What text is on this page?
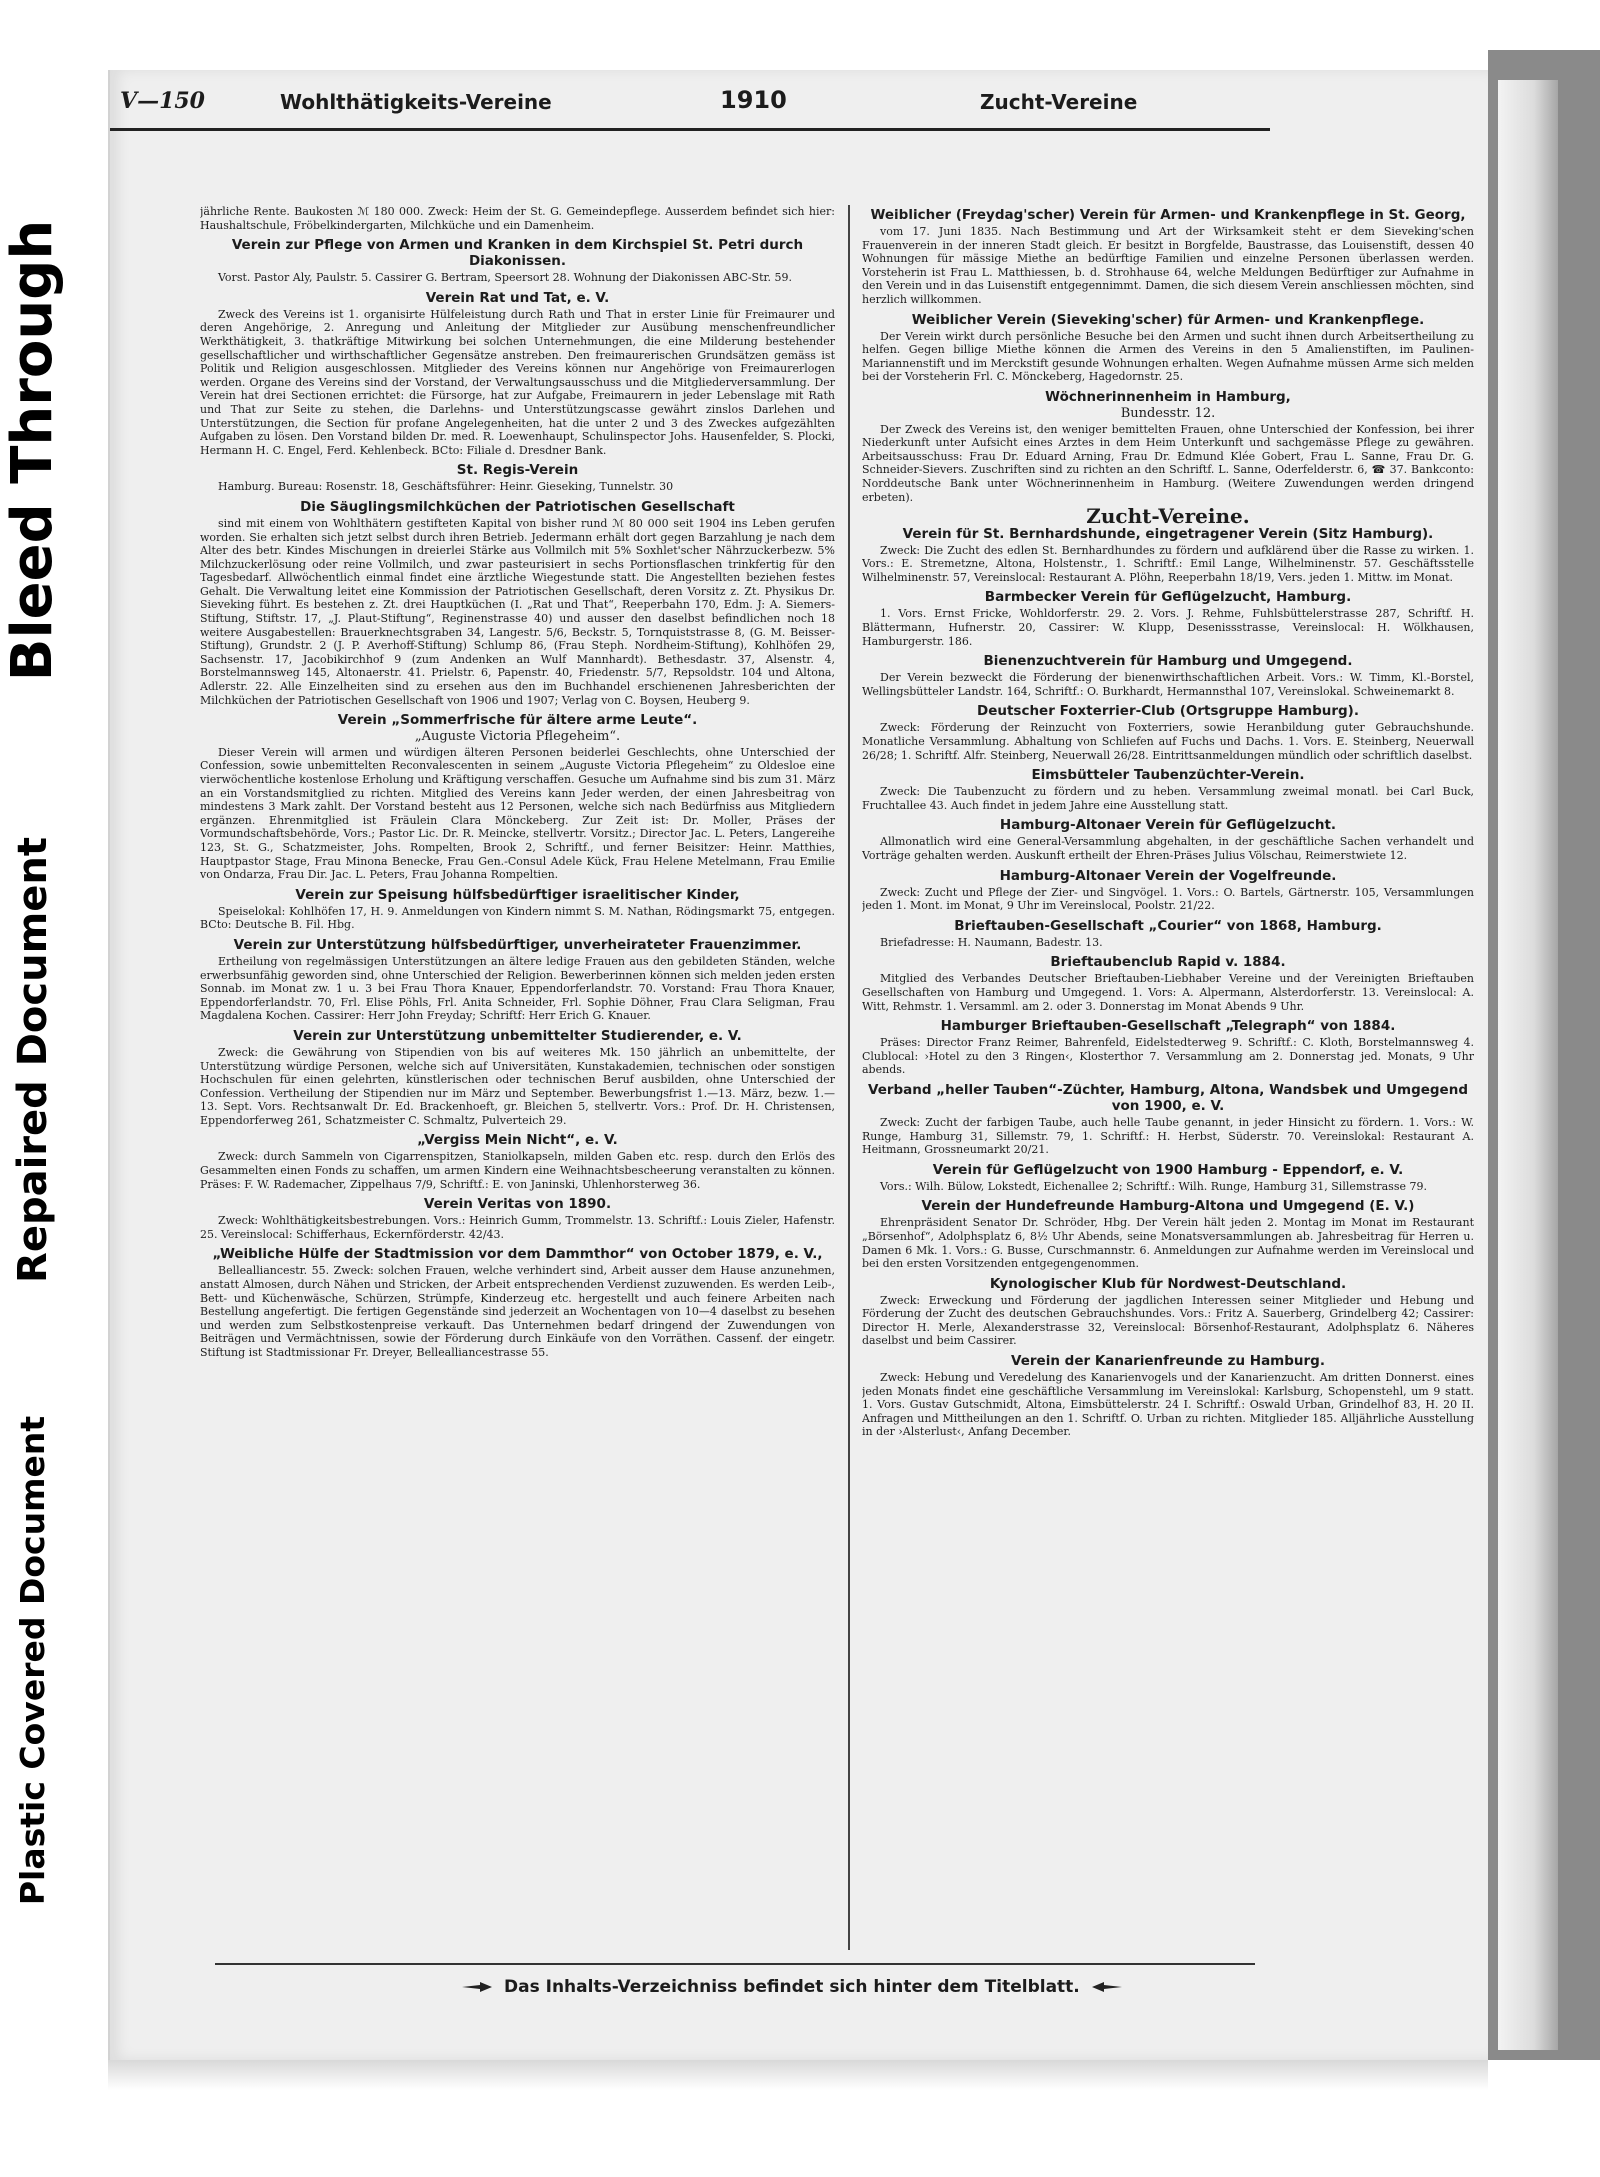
Bleed Through
Repaired Document
Plastic Covered Document
V—150	Wohlthätigkeits-Vereine	1910	Zucht-Vereine

jährliche Rente. Baukosten ℳ 180 000. Zweck: Heim der St. G. Gemeindepflege. Ausserdem befindet sich hier: Haushaltschule, Fröbelkindergarten, Milchküche und ein Damenheim.

Verein zur Pflege von Armen und Kranken in dem Kirchspiel St. Petri durch Diakonissen.

Vorst. Pastor Aly, Paulstr. 5. Cassirer G. Bertram, Speersort 28. Wohnung der Diakonissen ABC-Str. 59.

Verein Rat und Tat, e. V.

Zweck des Vereins ist 1. organisirte Hülfeleistung durch Rath und That in erster Linie für Freimaurer und deren Angehörige, 2. Anregung und Anleitung der Mitglieder zur Ausübung menschenfreundlicher Werkthätigkeit, 3. thatkräftige Mitwirkung bei solchen Unternehmungen, die eine Milderung bestehender gesellschaftlicher und wirthschaftlicher Gegensätze anstreben. Den freimaurerischen Grundsätzen gemäss ist Politik und Religion ausgeschlossen. Mitglieder des Vereins können nur Angehörige von Freimaurerlogen werden. Organe des Vereins sind der Vorstand, der Verwaltungsausschuss und die Mitgliederversammlung. Der Verein hat drei Sectionen errichtet: die Fürsorge, hat zur Aufgabe, Freimaurern in jeder Lebenslage mit Rath und That zur Seite zu stehen, die Darlehns- und Unterstützungscasse gewährt zinslos Darlehen und Unterstützungen, die Section für profane Angelegenheiten, hat die unter 2 und 3 des Zweckes aufgezählten Aufgaben zu lösen. Den Vorstand bilden Dr. med. R. Loewenhaupt, Schulinspector Johs. Hausenfelder, S. Plocki, Hermann H. C. Engel, Ferd. Kehlenbeck. BCto: Filiale d. Dresdner Bank.

St. Regis-Verein

Hamburg. Bureau: Rosenstr. 18, Geschäftsführer: Heinr. Gieseking, Tunnelstr. 30

Die Säuglingsmilchküchen der Patriotischen Gesellschaft

sind mit einem von Wohlthätern gestifteten Kapital von bisher rund ℳ 80 000 seit 1904 ins Leben gerufen worden. Sie erhalten sich jetzt selbst durch ihren Betrieb. Jedermann erhält dort gegen Barzahlung je nach dem Alter des betr. Kindes Mischungen in dreierlei Stärke aus Vollmilch mit 5% Soxhlet'scher Nährzuckerbezw. 5% Milchzuckerlösung oder reine Vollmilch, und zwar pasteurisiert in sechs Portionsflaschen trinkfertig für den Tagesbedarf. Allwöchentlich einmal findet eine ärztliche Wiegestunde statt. Die Angestellten beziehen festes Gehalt. Die Verwaltung leitet eine Kommission der Patriotischen Gesellschaft, deren Vorsitz z. Zt. Physikus Dr. Sieveking führt. Es bestehen z. Zt. drei Hauptküchen (I. „Rat und That“, Reeperbahn 170, Edm. J: A. Siemers-Stiftung, Stiftstr. 17, „J. Plaut-Stiftung“, Reginenstrasse 40) und ausser den daselbst befindlichen noch 18 weitere Ausgabestellen: Brauerknechtsgraben 34, Langestr. 5/6, Beckstr. 5, Tornquiststrasse 8, (G. M. Beisser-Stiftung), Grundstr. 2 (J. P. Averhoff-Stiftung) Schlump 86, (Frau Steph. Nordheim-Stiftung), Kohlhöfen 29, Sachsenstr. 17, Jacobikirchhof 9 (zum Andenken an Wulf Mannhardt). Bethesdastr. 37, Alsenstr. 4, Borstelmannsweg 145, Altonaerstr. 41. Prielstr. 6, Papenstr. 40, Friedenstr. 5/7, Repsoldstr. 104 und Altona, Adlerstr. 22. Alle Einzelheiten sind zu ersehen aus den im Buchhandel erschienenen Jahresberichten der Milchküchen der Patriotischen Gesellschaft von 1906 und 1907; Verlag von C. Boysen, Heuberg 9.

Verein „Sommerfrische für ältere arme Leute“.
„Auguste Victoria Pflegeheim“.

Dieser Verein will armen und würdigen älteren Personen beiderlei Geschlechts, ohne Unterschied der Confession, sowie unbemittelten Reconvalescenten in seinem „Auguste Victoria Pflegeheim“ zu Oldesloe eine vierwöchentliche kostenlose Erholung und Kräftigung verschaffen. Gesuche um Aufnahme sind bis zum 31. März an ein Vorstandsmitglied zu richten. Mitglied des Vereins kann Jeder werden, der einen Jahresbeitrag von mindestens 3 Mark zahlt. Der Vorstand besteht aus 12 Personen, welche sich nach Bedürfniss aus Mitgliedern ergänzen. Ehrenmitglied ist Fräulein Clara Mönckeberg. Zur Zeit ist: Dr. Moller, Präses der Vormundschaftsbehörde, Vors.; Pastor Lic. Dr. R. Meincke, stellvertr. Vorsitz.; Director Jac. L. Peters, Langereihe 123, St. G., Schatzmeister, Johs. Rompelten, Brook 2, Schriftf., und ferner Beisitzer: Heinr. Matthies, Hauptpastor Stage, Frau Minona Benecke, Frau Gen.-Consul Adele Kück, Frau Helene Metelmann, Frau Emilie von Ondarza, Frau Dir. Jac. L. Peters, Frau Johanna Rompeltien.

Verein zur Speisung hülfsbedürftiger israelitischer Kinder,

Speiselokal: Kohlhöfen 17, H. 9. Anmeldungen von Kindern nimmt S. M. Nathan, Rödingsmarkt 75, entgegen. BCto: Deutsche B. Fil. Hbg.

Verein zur Unterstützung hülfsbedürftiger, unverheirateter Frauenzimmer.

Ertheilung von regelmässigen Unterstützungen an ältere ledige Frauen aus den gebildeten Ständen, welche erwerbsunfähig geworden sind, ohne Unterschied der Religion. Bewerberinnen können sich melden jeden ersten Sonnab. im Monat zw. 1 u. 3 bei Frau Thora Knauer, Eppendorferlandstr. 70. Vorstand: Frau Thora Knauer, Eppendorferlandstr. 70, Frl. Elise Pöhls, Frl. Anita Schneider, Frl. Sophie Döhner, Frau Clara Seligman, Frau Magdalena Kochen. Cassirer: Herr John Freyday; Schriftf: Herr Erich G. Knauer.

Verein zur Unterstützung unbemittelter Studierender, e. V.

Zweck: die Gewährung von Stipendien von bis auf weiteres Mk. 150 jährlich an unbemittelte, der Unterstützung würdige Personen, welche sich auf Universitäten, Kunstakademien, technischen oder sonstigen Hochschulen für einen gelehrten, künstlerischen oder technischen Beruf ausbilden, ohne Unterschied der Confession. Vertheilung der Stipendien nur im März und September. Bewerbungsfrist 1.—13. März, bezw. 1.—13. Sept. Vors. Rechtsanwalt Dr. Ed. Brackenhoeft, gr. Bleichen 5, stellvertr. Vors.: Prof. Dr. H. Christensen, Eppendorferweg 261, Schatzmeister C. Schmaltz, Pulverteich 29.

„Vergiss Mein Nicht“, e. V.

Zweck: durch Sammeln von Cigarrenspitzen, Staniolkapseln, milden Gaben etc. resp. durch den Erlös des Gesammelten einen Fonds zu schaffen, um armen Kindern eine Weihnachtsbescheerung veranstalten zu können. Präses: F. W. Rademacher, Zippelhaus 7/9, Schriftf.: E. von Janinski, Uhlenhorsterweg 36.

Verein Veritas von 1890.

Zweck: Wohlthätigkeitsbestrebungen. Vors.: Heinrich Gumm, Trommelstr. 13. Schriftf.: Louis Zieler, Hafenstr. 25. Vereinslocal: Schifferhaus, Eckernförderstr. 42/43.

„Weibliche Hülfe der Stadtmission vor dem Dammthor“ von October 1879, e. V.,

Bellealliancestr. 55. Zweck: solchen Frauen, welche verhindert sind, Arbeit ausser dem Hause anzunehmen, anstatt Almosen, durch Nähen und Stricken, der Arbeit entsprechenden Verdienst zuzuwenden. Es werden Leib-, Bett- und Küchenwäsche, Schürzen, Strümpfe, Kinderzeug etc. hergestellt und auch feinere Arbeiten nach Bestellung angefertigt. Die fertigen Gegenstände sind jederzeit an Wochentagen von 10—4 daselbst zu besehen und werden zum Selbstkostenpreise verkauft. Das Unternehmen bedarf dringend der Zuwendungen von Beiträgen und Vermächtnissen, sowie der Förderung durch Einkäufe von den Vorräthen. Cassenf. der eingetr. Stiftung ist Stadtmissionar Fr. Dreyer, Bellealliancestrasse 55.

Weiblicher (Freydag'scher) Verein für Armen- und Krankenpflege in St. Georg,

vom 17. Juni 1835. Nach Bestimmung und Art der Wirksamkeit steht er dem Sieveking'schen Frauenverein in der inneren Stadt gleich. Er besitzt in Borgfelde, Baustrasse, das Louisenstift, dessen 40 Wohnungen für mässige Miethe an bedürftige Familien und einzelne Personen überlassen werden. Vorsteherin ist Frau L. Matthiessen, b. d. Strohhause 64, welche Meldungen Bedürftiger zur Aufnahme in den Verein und in das Luisenstift entgegennimmt. Damen, die sich diesem Verein anschliessen möchten, sind herzlich willkommen.

Weiblicher Verein (Sieveking'scher) für Armen- und Krankenpflege.

Der Verein wirkt durch persönliche Besuche bei den Armen und sucht ihnen durch Arbeitsertheilung zu helfen. Gegen billige Miethe können die Armen des Vereins in den 5 Amalienstiften, im Paulinen-Mariannenstift und im Merckstift gesunde Wohnungen erhalten. Wegen Aufnahme müssen Arme sich melden bei der Vorsteherin Frl. C. Mönckeberg, Hagedornstr. 25.

Wöchnerinnenheim in Hamburg,
Bundesstr. 12.

Der Zweck des Vereins ist, den weniger bemittelten Frauen, ohne Unterschied der Konfession, bei ihrer Niederkunft unter Aufsicht eines Arztes in dem Heim Unterkunft und sachgemässe Pflege zu gewähren. Arbeitsausschuss: Frau Dr. Eduard Arning, Frau Dr. Edmund Klée Gobert, Frau L. Sanne, Frau Dr. G. Schneider-Sievers. Zuschriften sind zu richten an den Schriftf. L. Sanne, Oderfelderstr. 6, ☎ 37. Bankconto: Norddeutsche Bank unter Wöchnerinnenheim in Hamburg. (Weitere Zuwendungen werden dringend erbeten).

Zucht-Vereine.
Verein für St. Bernhardshunde, eingetragener Verein (Sitz Hamburg).

Zweck: Die Zucht des edlen St. Bernhardhundes zu fördern und aufklärend über die Rasse zu wirken. 1. Vors.: E. Stremetzne, Altona, Holstenstr., 1. Schriftf.: Emil Lange, Wilhelminenstr. 57. Geschäftsstelle Wilhelminenstr. 57, Vereinslocal: Restaurant A. Plöhn, Reeperbahn 18/19, Vers. jeden 1. Mittw. im Monat.

Barmbecker Verein für Geflügelzucht, Hamburg.

1. Vors. Ernst Fricke, Wohldorferstr. 29. 2. Vors. J. Rehme, Fuhlsbüttelerstrasse 287, Schriftf. H. Blättermann, Hufnerstr. 20, Cassirer: W. Klupp, Desenissstrasse, Vereinslocal: H. Wölkhausen, Hamburgerstr. 186.

Bienenzuchtverein für Hamburg und Umgegend.

Der Verein bezweckt die Förderung der bienenwirthschaftlichen Arbeit. Vors.: W. Timm, Kl.-Borstel, Wellingsbütteler Landstr. 164, Schriftf.: O. Burkhardt, Hermannsthal 107, Vereinslokal. Schweinemarkt 8.

Deutscher Foxterrier-Club (Ortsgruppe Hamburg).

Zweck: Förderung der Reinzucht von Foxterriers, sowie Heranbildung guter Gebrauchshunde. Monatliche Versammlung. Abhaltung von Schliefen auf Fuchs und Dachs. 1. Vors. E. Steinberg, Neuerwall 26/28; 1. Schriftf. Alfr. Steinberg, Neuerwall 26/28. Eintrittsanmeldungen mündlich oder schriftlich daselbst.

Eimsbütteler Taubenzüchter-Verein.

Zweck: Die Taubenzucht zu fördern und zu heben. Versammlung zweimal monatl. bei Carl Buck, Fruchtallee 43. Auch findet in jedem Jahre eine Ausstellung statt.

Hamburg-Altonaer Verein für Geflügelzucht.

Allmonatlich wird eine General-Versammlung abgehalten, in der geschäftliche Sachen verhandelt und Vorträge gehalten werden. Auskunft ertheilt der Ehren-Präses Julius Völschau, Reimerstwiete 12.

Hamburg-Altonaer Verein der Vogelfreunde.

Zweck: Zucht und Pflege der Zier- und Singvögel. 1. Vors.: O. Bartels, Gärtnerstr. 105, Versammlungen jeden 1. Mont. im Monat, 9 Uhr im Vereinslocal, Poolstr. 21/22.

Brieftauben-Gesellschaft „Courier“ von 1868, Hamburg.

Briefadresse: H. Naumann, Badestr. 13.

Brieftaubenclub Rapid v. 1884.

Mitglied des Verbandes Deutscher Brieftauben-Liebhaber Vereine und der Vereinigten Brieftauben Gesellschaften von Hamburg und Umgegend. 1. Vors: A. Alpermann, Alsterdorferstr. 13. Vereinslocal: A. Witt, Rehmstr. 1. Versamml. am 2. oder 3. Donnerstag im Monat Abends 9 Uhr.

Hamburger Brieftauben-Gesellschaft „Telegraph“ von 1884.

Präses: Director Franz Reimer, Bahrenfeld, Eidelstedterweg 9. Schriftf.: C. Kloth, Borstelmannsweg 4. Clublocal: ›Hotel zu den 3 Ringen‹, Klosterthor 7. Versammlung am 2. Donnerstag jed. Monats, 9 Uhr abends.

Verband „heller Tauben“-Züchter, Hamburg, Altona, Wandsbek und Umgegend von 1900, e. V.

Zweck: Zucht der farbigen Taube, auch helle Taube genannt, in jeder Hinsicht zu fördern. 1. Vors.: W. Runge, Hamburg 31, Sillemstr. 79, 1. Schriftf.: H. Herbst, Süderstr. 70. Vereinslokal: Restaurant A. Heitmann, Grossneumarkt 20/21.

Verein für Geflügelzucht von 1900 Hamburg - Eppendorf, e. V.

Vors.: Wilh. Bülow, Lokstedt, Eichenallee 2; Schriftf.: Wilh. Runge, Hamburg 31, Sillemstrasse 79.

Verein der Hundefreunde Hamburg-Altona und Umgegend (E. V.)

Ehrenpräsident Senator Dr. Schröder, Hbg. Der Verein hält jeden 2. Montag im Monat im Restaurant „Börsenhof“, Adolphsplatz 6, 8½ Uhr Abends, seine Monatsversammlungen ab. Jahresbeitrag für Herren u. Damen 6 Mk. 1. Vors.: G. Busse, Curschmannstr. 6. Anmeldungen zur Aufnahme werden im Vereinslocal und bei den ersten Vorsitzenden entgegengenommen.

Kynologischer Klub für Nordwest-Deutschland.

Zweck: Erweckung und Förderung der jagdlichen Interessen seiner Mitglieder und Hebung und Förderung der Zucht des deutschen Gebrauchshundes. Vors.: Fritz A. Sauerberg, Grindelberg 42; Cassirer: Director H. Merle, Alexanderstrasse 32, Vereinslocal: Börsenhof-Restaurant, Adolphsplatz 6. Näheres daselbst und beim Cassirer.

Verein der Kanarienfreunde zu Hamburg.

Zweck: Hebung und Veredelung des Kanarienvogels und der Kanarienzucht. Am dritten Donnerst. eines jeden Monats findet eine geschäftliche Versammlung im Vereinslokal: Karlsburg, Schopenstehl, um 9 statt. 1. Vors. Gustav Gutschmidt, Altona, Eimsbüttelerstr. 24 I. Schriftf.: Oswald Urban, Grindelhof 83, H. 20 II. Anfragen und Mittheilungen an den 1. Schriftf. O. Urban zu richten. Mitglieder 185. Alljährliche Ausstellung in der ›Alsterlust‹, Anfang December.

Das Inhalts-Verzeichniss befindet sich hinter dem Titelblatt.
